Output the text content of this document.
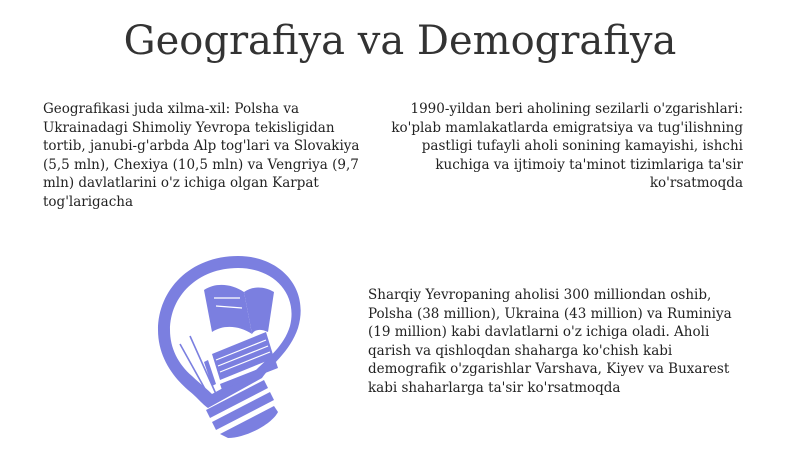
Geografiya va Demografiya

Geografikasi juda xilma-xil: Polsha va Ukrainadagi Shimoliy Yevropa tekisligidan tortib, janubi-g'arbda Alp tog'lari va Slovakiya (5,5 mln), Chexiya (10,5 mln) va Vengriya (9,7 mln) davlatlarini o'z ichiga olgan Karpat tog'larigacha

1990-yildan beri aholining sezilarli o'zgarishlari: ko'plab mamlakatlarda emigratsiya va tug'ilishning pastligi tufayli aholi sonining kamayishi, ishchi kuchiga va ijtimoiy ta'minot tizimlariga ta'sir ko'rsatmoqda

Sharqiy Yevropaning aholisi 300 milliondan oshib, Polsha (38 million), Ukraina (43 million) va Ruminiya (19 million) kabi davlatlarni o'z ichiga oladi. Aholi qarish va qishloqdan shaharga ko'chish kabi demografik o'zgarishlar Varshava, Kiyev va Buxarest kabi shaharlarga ta'sir ko'rsatmoqda
